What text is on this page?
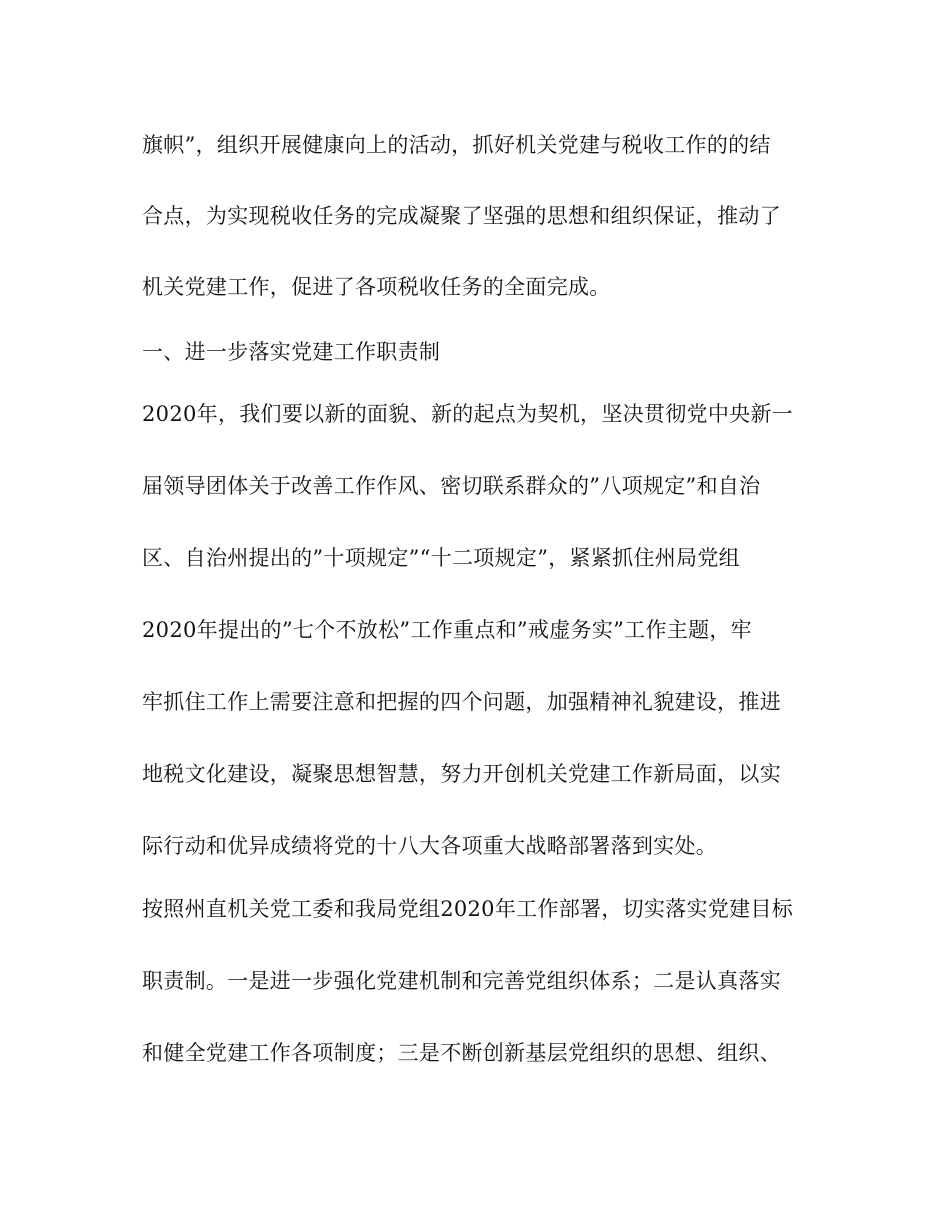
旗帜”，组织开展健康向上的活动，抓好机关党建与税收工作的的结
合点，为实现税收任务的完成凝聚了坚强的思想和组织保证，推动了
机关党建工作，促进了各项税收任务的全面完成。
一、进一步落实党建工作职责制
2020年，我们要以新的面貌、新的起点为契机，坚决贯彻党中央新一
届领导团体关于改善工作作风、密切联系群众的”八项规定”和自治
区、自治州提出的”十项规定”“十二项规定”，紧紧抓住州局党组
2020年提出的”七个不放松”工作重点和”戒虚务实”工作主题，牢
牢抓住工作上需要注意和把握的四个问题，加强精神礼貌建设，推进
地税文化建设，凝聚思想智慧，努力开创机关党建工作新局面，以实
际行动和优异成绩将党的十八大各项重大战略部署落到实处。
按照州直机关党工委和我局党组2020年工作部署，切实落实党建目标
职责制。一是进一步强化党建机制和完善党组织体系；二是认真落实
和健全党建工作各项制度；三是不断创新基层党组织的思想、组织、
